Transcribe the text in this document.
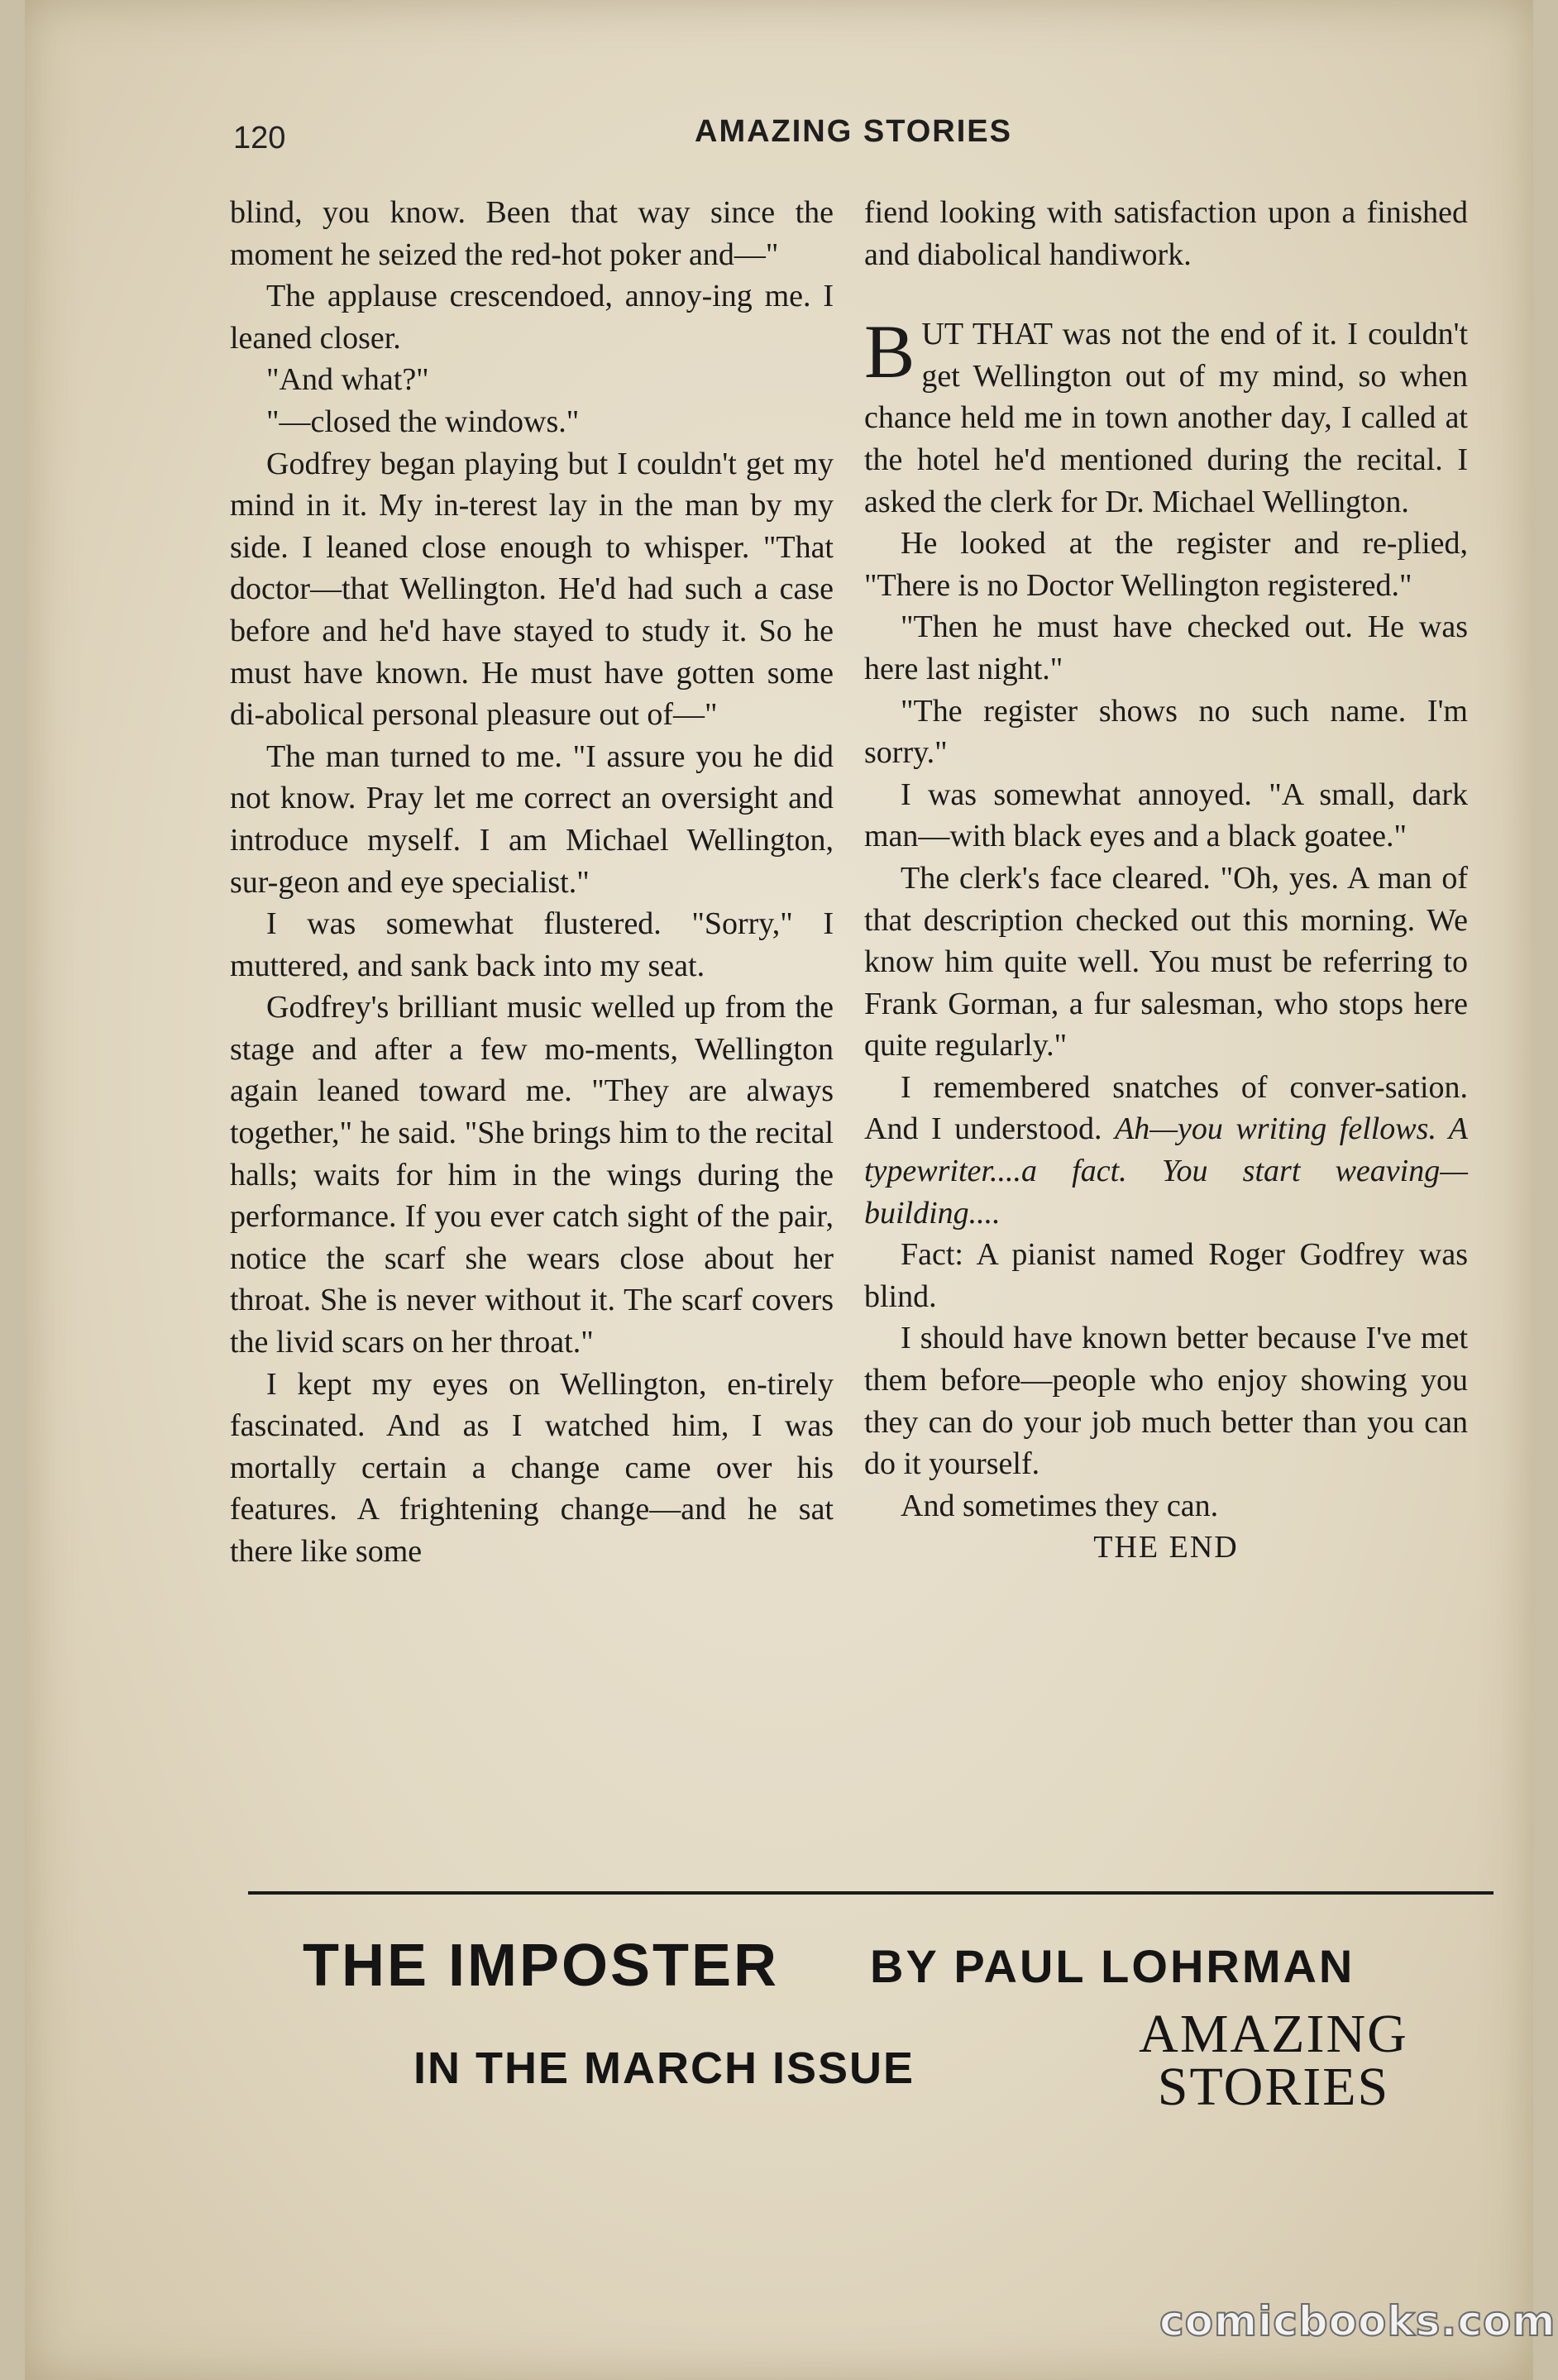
120	AMAZING STORIES

blind, you know. Been that way since the moment he seized the red-hot poker and—"

The applause crescendoed, annoy-ing me. I leaned closer.

"And what?"

"—closed the windows."

Godfrey began playing but I couldn't get my mind in it. My in-terest lay in the man by my side. I leaned close enough to whisper. "That doctor—that Wellington. He'd had such a case before and he'd have stayed to study it. So he must have known. He must have gotten some di-abolical personal pleasure out of—"

The man turned to me. "I assure you he did not know. Pray let me correct an oversight and introduce myself. I am Michael Wellington, sur-geon and eye specialist."

I was somewhat flustered. "Sorry," I muttered, and sank back into my seat.

Godfrey's brilliant music welled up from the stage and after a few mo-ments, Wellington again leaned toward me. "They are always together," he said. "She brings him to the recital halls; waits for him in the wings during the performance. If you ever catch sight of the pair, notice the scarf she wears close about her throat. She is never without it. The scarf covers the livid scars on her throat."

I kept my eyes on Wellington, en-tirely fascinated. And as I watched him, I was mortally certain a change came over his features. A frightening change—and he sat there like some

fiend looking with satisfaction upon a finished and diabolical handiwork.

BUT THAT was not the end of it. I couldn't get Wellington out of my mind, so when chance held me in town another day, I called at the hotel he'd mentioned during the recital. I asked the clerk for Dr. Michael Wellington.

He looked at the register and re-plied, "There is no Doctor Wellington registered."

"Then he must have checked out. He was here last night."

"The register shows no such name. I'm sorry."

I was somewhat annoyed. "A small, dark man—with black eyes and a black goatee."

The clerk's face cleared. "Oh, yes. A man of that description checked out this morning. We know him quite well. You must be referring to Frank Gorman, a fur salesman, who stops here quite regularly."

I remembered snatches of conver-sation. And I understood. Ah—you writing fellows. A typewriter....a fact. You start weaving—building....

Fact: A pianist named Roger Godfrey was blind.

I should have known better because I've met them before—people who enjoy showing you they can do your job much better than you can do it yourself.

And sometimes they can.

THE END

THE IMPOSTER BY PAUL LOHRMAN
IN THE MARCH ISSUE
AMAZING
STORIES
comicbooks.com
